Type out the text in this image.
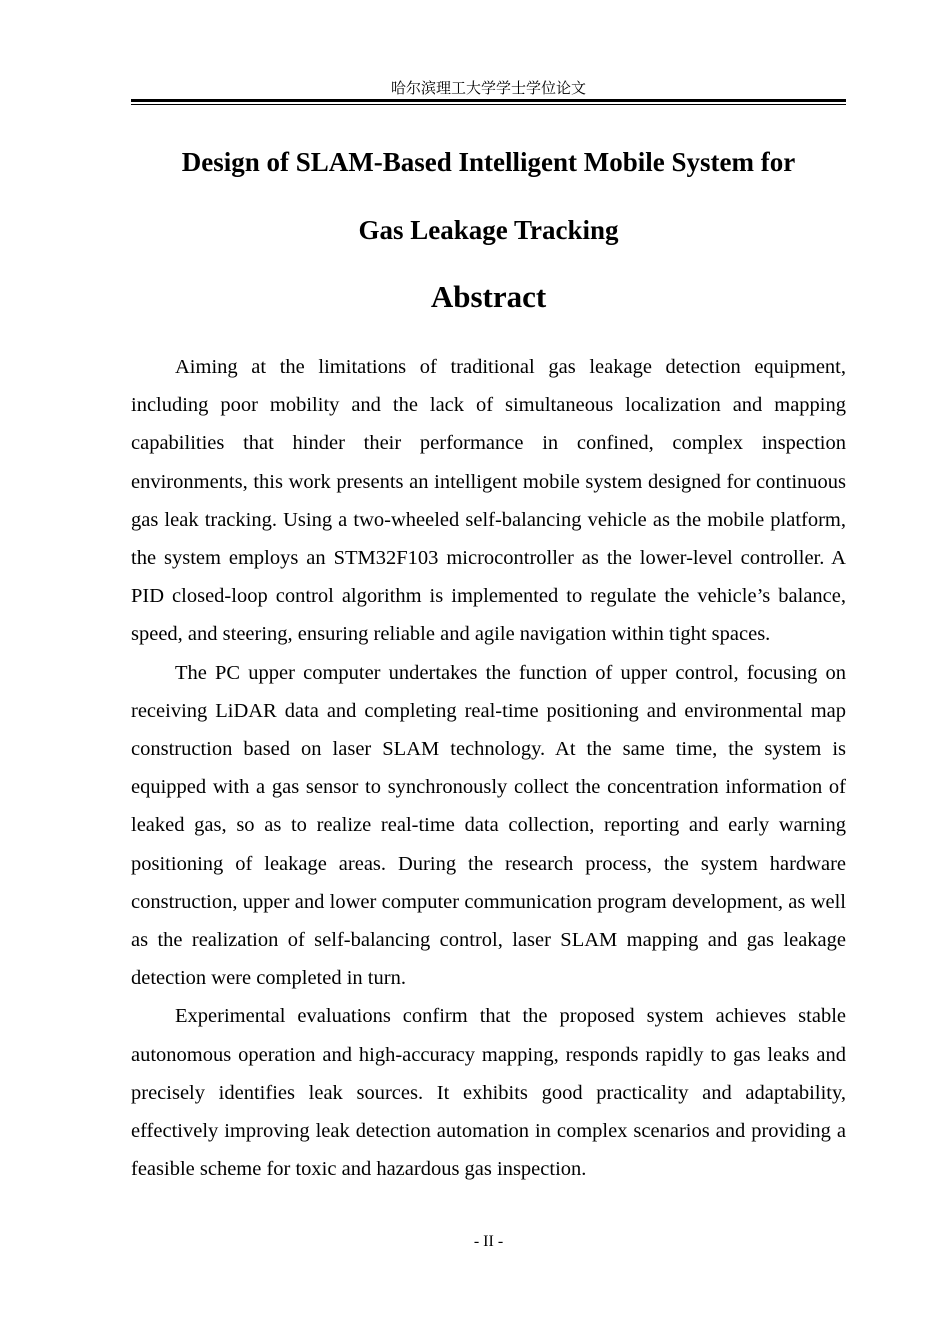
哈尔滨理工大学学士学位论文
Design of SLAM-Based Intelligent Mobile System for
Gas Leakage Tracking
Abstract

Aiming at the limitations of traditional gas leakage detection equipment, including poor mobility and the lack of simultaneous localization and mapping capabilities that hinder their performance in confined, complex inspection environments, this work presents an intelligent mobile system designed for continuous gas leak tracking. Using a two-wheeled self-balancing vehicle as the mobile platform, the system employs an STM32F103 microcontroller as the lower-level controller. A PID closed-loop control algorithm is implemented to regulate the vehicle’s balance, speed, and steering, ensuring reliable and agile navigation within tight spaces.

The PC upper computer undertakes the function of upper control, focusing on receiving LiDAR data and completing real-time positioning and environmental map construction based on laser SLAM technology. At the same time, the system is equipped with a gas sensor to synchronously collect the concentration information of leaked gas, so as to realize real-time data collection, reporting and early warning positioning of leakage areas. During the research process, the system hardware construction, upper and lower computer communication program development, as well as the realization of self-balancing control, laser SLAM mapping and gas leakage detection were completed in turn.

Experimental evaluations confirm that the proposed system achieves stable autonomous operation and high-accuracy mapping, responds rapidly to gas leaks and precisely identifies leak sources. It exhibits good practicality and adaptability, effectively improving leak detection automation in complex scenarios and providing a feasible scheme for toxic and hazardous gas inspection.

- II -
